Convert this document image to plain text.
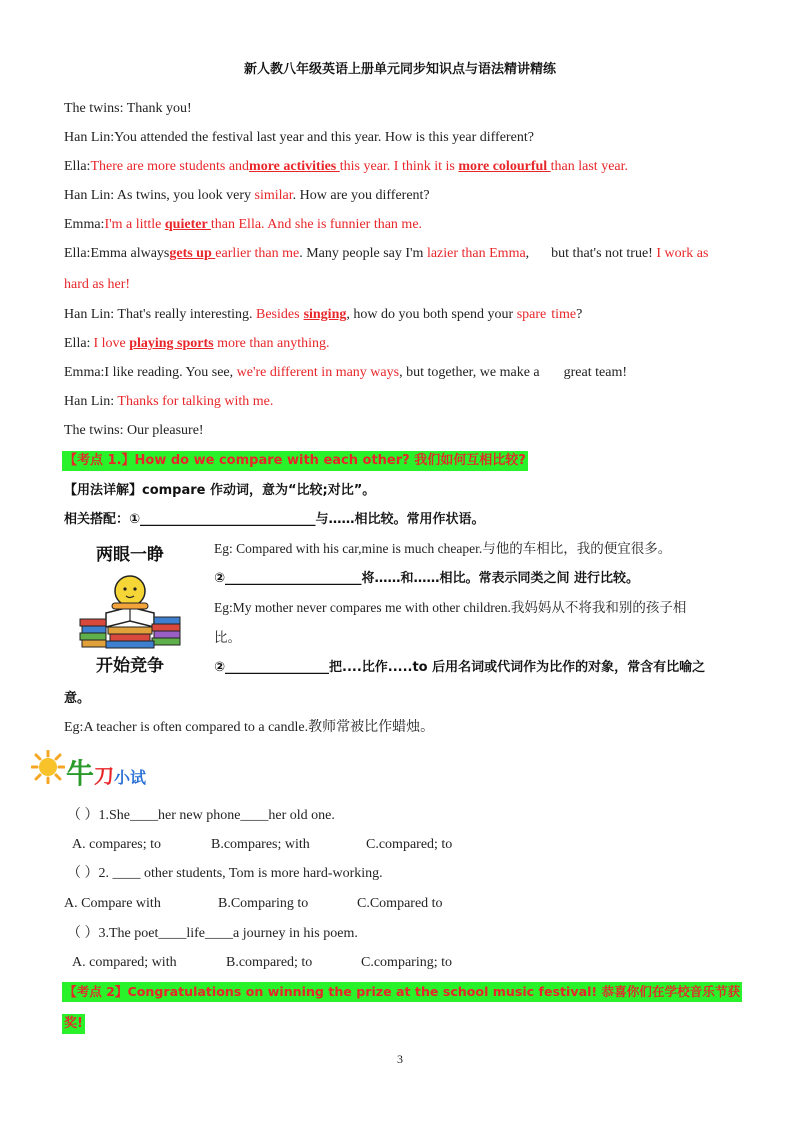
新人教八年级英语上册单元同步知识点与语法精讲精练
The twins: Thank you!
Han Lin:You attended the festival last year and this year. How is this year different?
Ella:There are more students andmore activities this year. I think it is more colourful than last year.
Han Lin: As twins, you look very similar. How are you different?
Emma:I'm a little quieter than Ella. And she is funnier than me.
Ella:Emma alwaysgets up earlier than me. Many people say I'm lazier than Emma, but that's not true! I work as
hard as her!
Han Lin: That's really interesting. Besides singing, how do you both spend your spare time?
Ella: I love playing sports more than anything.
Emma:I like reading. You see, we're different in many ways, but together, we make a great team!
Han Lin: Thanks for talking with me.
The twins: Our pleasure!
【考点 1.】How do we compare with each other? 我们如何互相比较?
【用法详解】compare 作动词，意为“比较;对比”。
相关搭配：①___________________________与……相比较。常用作状语。
两眼一睁
开始竞争
Eg: Compared with his car,mine is much cheaper.与他的车相比，我的便宜很多。
②_____________________将……和……相比。常表示同类之间 进行比较。
Eg:My mother never compares me with other children.我妈妈从不将我和别的孩子相
比。
②________________把....比作.....to 后用名词或代词作为比作的对象，常含有比喻之
意。
Eg:A teacher is often compared to a candle.教师常被比作蜡烛。
牛刀小试
（ ）1.She____her new phone____her old one.
A. compares; to	B.compares; with	C.compared; to
（ ）2. ____ other students, Tom is more hard-working.
A. Compare with	B.Comparing to	C.Compared to
（ ）3.The poet____life____a journey in his poem.
A. compared; with	B.compared; to	C.comparing; to
【考点 2】Congratulations on winning the prize at the school music festival! 恭喜你们在学校音乐节获
奖!
3
